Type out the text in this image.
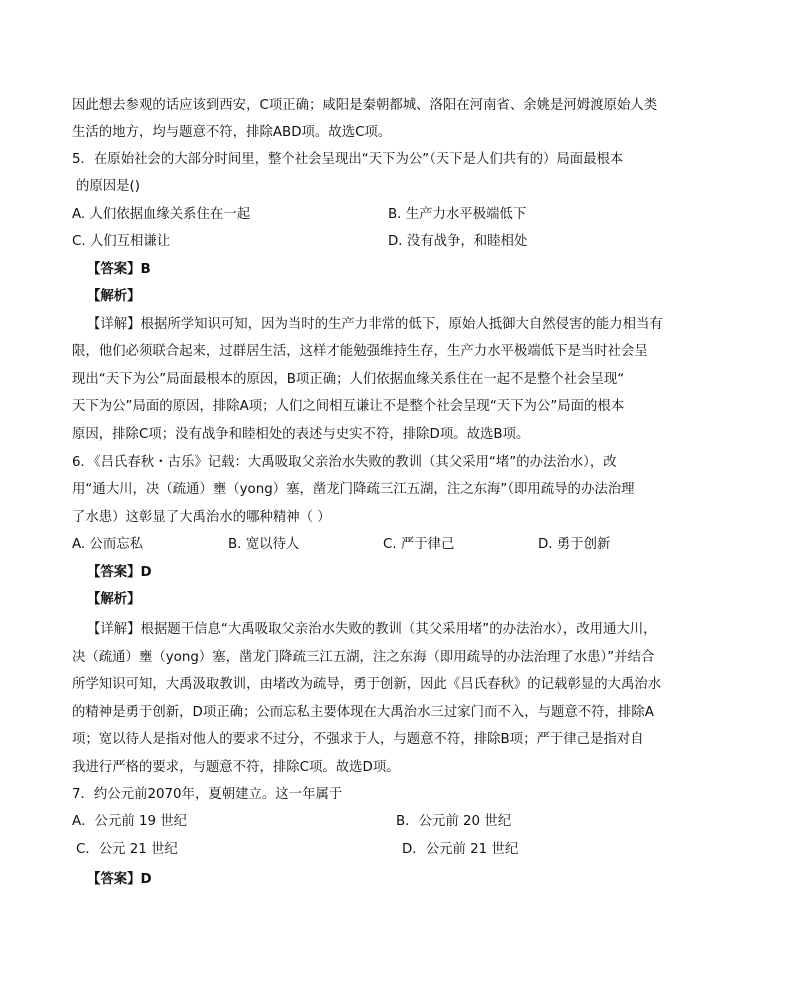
因此想去参观的话应该到西安，C项正确；咸阳是秦朝都城、洛阳在河南省、余姚是河姆渡原始人类
生活的地方，均与题意不符，排除ABD项。故选C项。
5．在原始社会的大部分时间里，整个社会呈现出“天下为公”（天下是人们共有的）局面最根本
的原因是()
A. 人们依据血缘关系住在一起	B. 生产力水平极端低下
C. 人们互相谦让	D. 没有战争，和睦相处
【答案】B
【解析】
【详解】根据所学知识可知，因为当时的生产力非常的低下，原始人抵御大自然侵害的能力相当有
限，他们必须联合起来，过群居生活，这样才能勉强维持生存，生产力水平极端低下是当时社会呈
现出“天下为公”局面最根本的原因，B项正确；人们依据血缘关系住在一起不是整个社会呈现“
天下为公”局面的原因，排除A项；人们之间相互谦让不是整个社会呈现“天下为公”局面的根本
原因，排除C项；没有战争和睦相处的表述与史实不符，排除D项。故选B项。
6．《吕氏春秋・古乐》记载：大禹吸取父亲治水失败的教训（其父采用“堵”的办法治水），改
用“通大川，决（疏通）壅（yong）塞，凿龙门降疏三江五湖，注之东海”（即用疏导的办法治理
了水患）这彰显了大禹治水的哪种精神（ ）
A. 公而忘私	B. 宽以待人	C. 严于律己	D. 勇于创新
【答案】D
【解析】
【详解】根据题干信息“大禹吸取父亲治水失败的教训（其父采用堵”的办法治水），改用通大川，
决（疏通）壅（yong）塞，凿龙门降疏三江五湖，注之东海（即用疏导的办法治理了水患）”并结合
所学知识可知，大禹汲取教训，由堵改为疏导，勇于创新，因此《吕氏春秋》的记载彰显的大禹治水
的精神是勇于创新，D项正确；公而忘私主要体现在大禹治水三过家门而不入，与题意不符，排除A
项；宽以待人是指对他人的要求不过分，不强求于人，与题意不符，排除B项；严于律己是指对自
我进行严格的要求，与题意不符，排除C项。故选D项。
7．约公元前2070年，夏朝建立。这一年属于
A．公元前 19 世纪	B．公元前 20 世纪
C．公元 21 世纪	D．公元前 21 世纪
【答案】D
